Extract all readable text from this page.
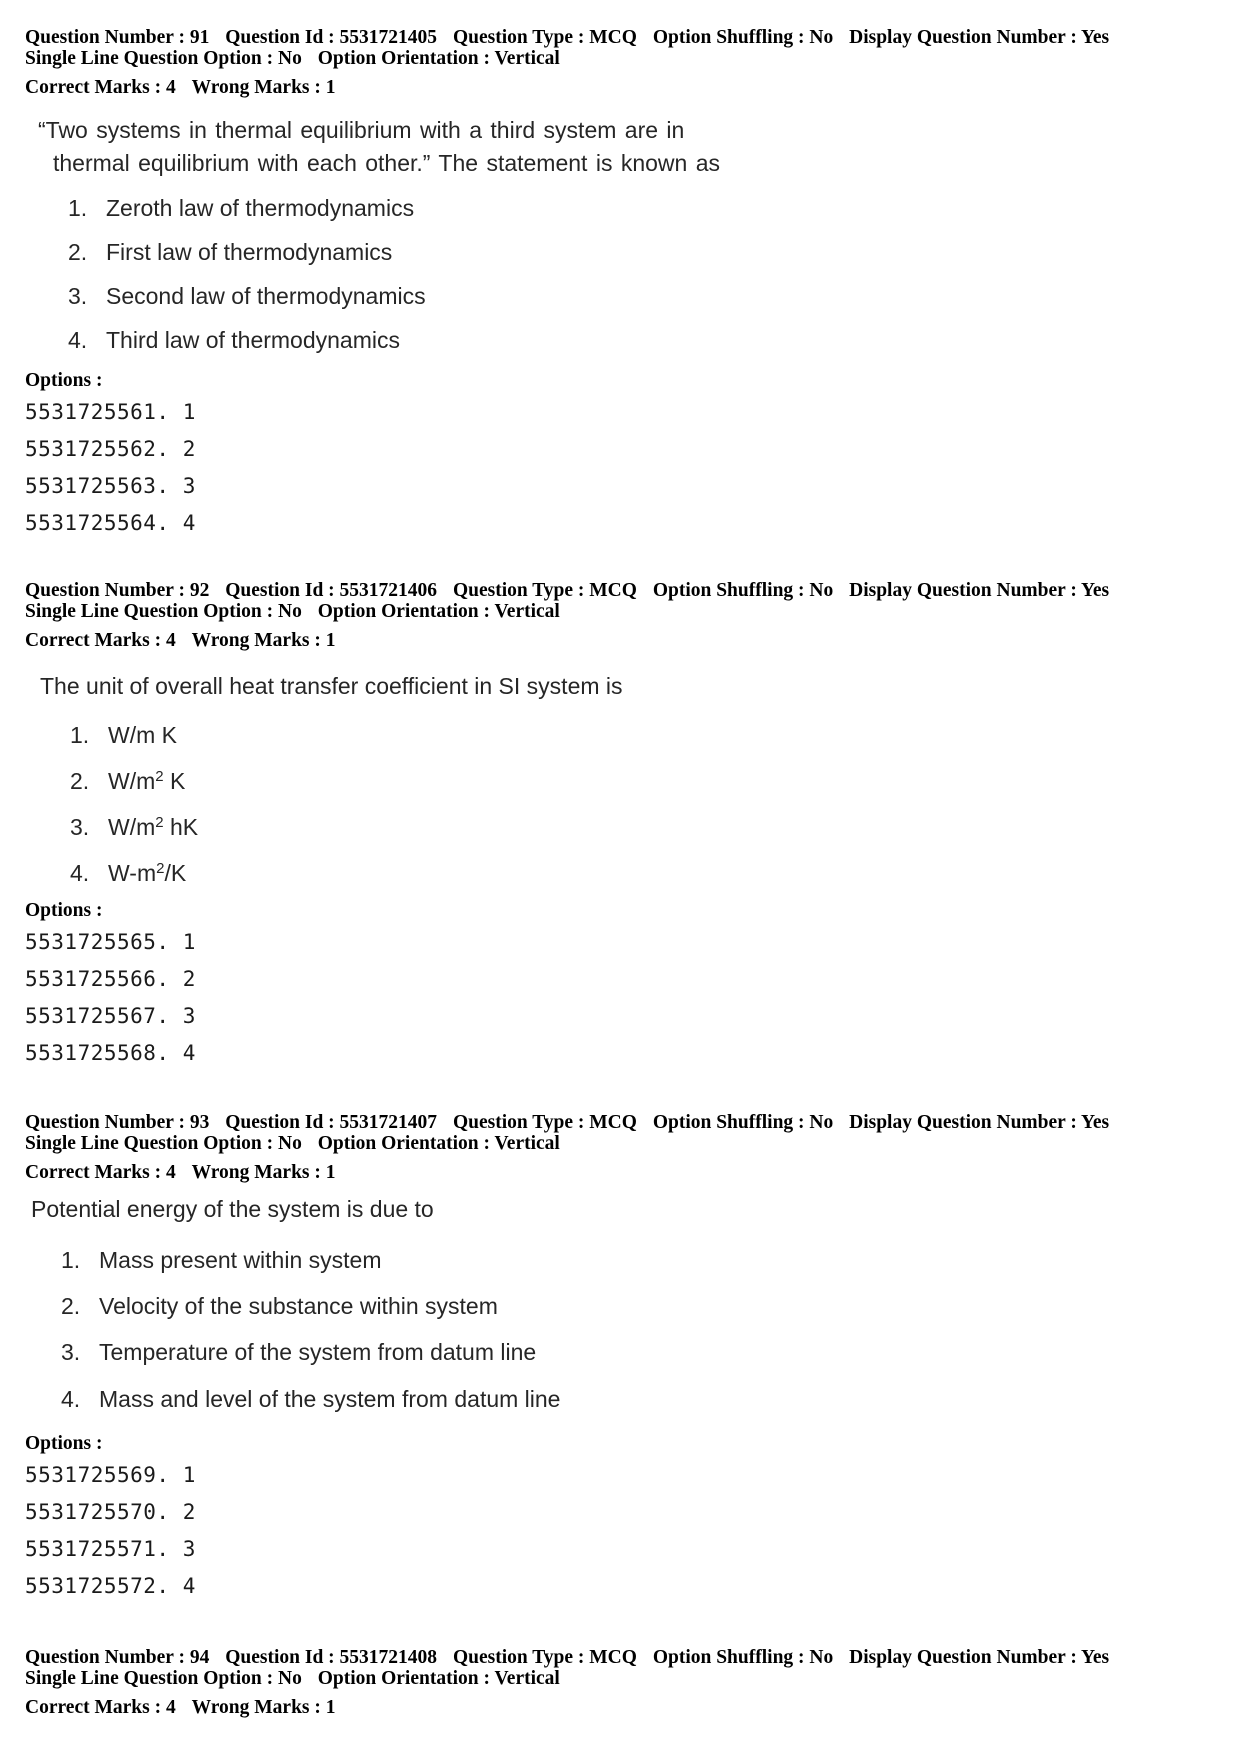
Question Number : 91 Question Id : 5531721405 Question Type : MCQ Option Shuffling : No Display Question Number : Yes
Single Line Question Option : No Option Orientation : Vertical
Correct Marks : 4 Wrong Marks : 1
“Two systems in thermal equilibrium with a third system are in
thermal equilibrium with each other.” The statement is known as
1. Zeroth law of thermodynamics
2. First law of thermodynamics
3. Second law of thermodynamics
4. Third law of thermodynamics
Options :
5531725561. 1
5531725562. 2
5531725563. 3
5531725564. 4
Question Number : 92 Question Id : 5531721406 Question Type : MCQ Option Shuffling : No Display Question Number : Yes
Single Line Question Option : No Option Orientation : Vertical
Correct Marks : 4 Wrong Marks : 1
The unit of overall heat transfer coefficient in SI system is
1. W/m K
2. $W/m^2$ K
3. $W/m^2$ hK
4. $W-m^2/K$
Options :
5531725565. 1
5531725566. 2
5531725567. 3
5531725568. 4
Question Number : 93 Question Id : 5531721407 Question Type : MCQ Option Shuffling : No Display Question Number : Yes
Single Line Question Option : No Option Orientation : Vertical
Correct Marks : 4 Wrong Marks : 1
Potential energy of the system is due to
1. Mass present within system
2. Velocity of the substance within system
3. Temperature of the system from datum line
4. Mass and level of the system from datum line
Options :
5531725569. 1
5531725570. 2
5531725571. 3
5531725572. 4
Question Number : 94 Question Id : 5531721408 Question Type : MCQ Option Shuffling : No Display Question Number : Yes
Single Line Question Option : No Option Orientation : Vertical
Correct Marks : 4 Wrong Marks : 1
